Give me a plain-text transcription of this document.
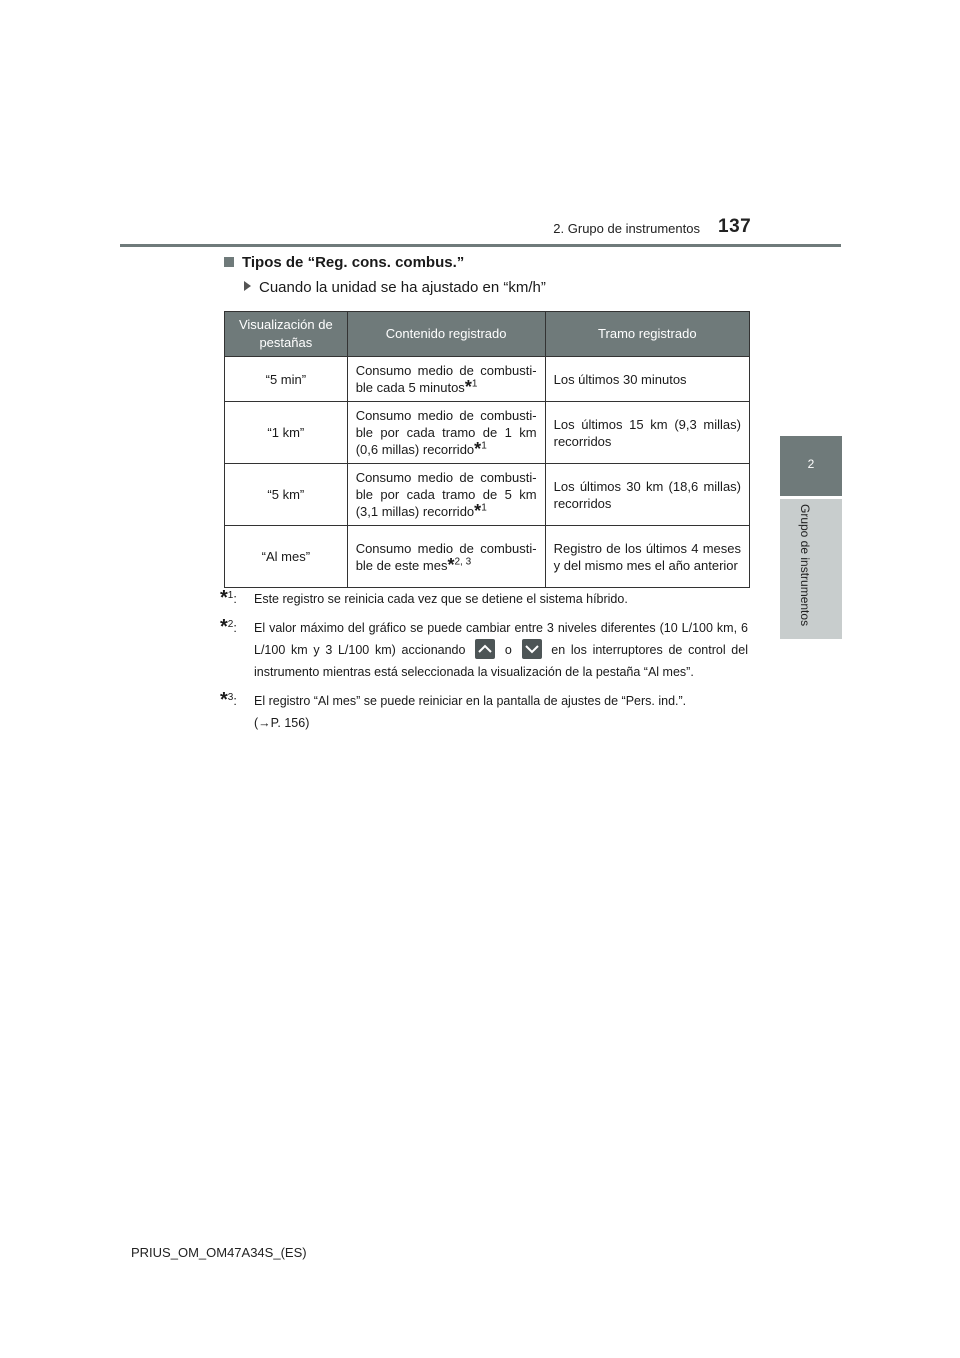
2. Grupo de instrumentos 137
2
Grupo de instrumentos
Tipos de “Reg. cons. combus.”
Cuando la unidad se ha ajustado en “km/h”
Visualización de pestañas	Contenido registrado	Tramo registrado
“5 min”	Consumo medio de combusti-ble cada 5 minutos*$^1$	Los últimos 30 minutos
“1 km”	Consumo medio de combusti-ble por cada tramo de 1 km (0,6 millas) recorrido*$^1$	Los últimos 15 km (9,3 millas) recorridos
“5 km”	Consumo medio de combusti-ble por cada tramo de 5 km (3,1 millas) recorrido*$^1$	Los últimos 30 km (18,6 millas) recorridos
“Al mes”	Consumo medio de combusti-ble de este mes*$^{2, 3}$	Registro de los últimos 4 meses y del mismo mes el año anterior
*$^1$: Este registro se reinicia cada vez que se detiene el sistema híbrido.
*$^2$: El valor máximo del gráfico se puede cambiar entre 3 niveles diferentes (10 L/100 km, 6 L/100 km y 3 L/100 km) accionando	o	en los interruptores de control del instrumento mientras está seleccionada la visualización de la pestaña “Al mes”.
*$^3$: El registro “Al mes” se puede reiniciar en la pantalla de ajustes de “Pers. ind.”.
(→P. 156)
PRIUS_OM_OM47A34S_(ES)
